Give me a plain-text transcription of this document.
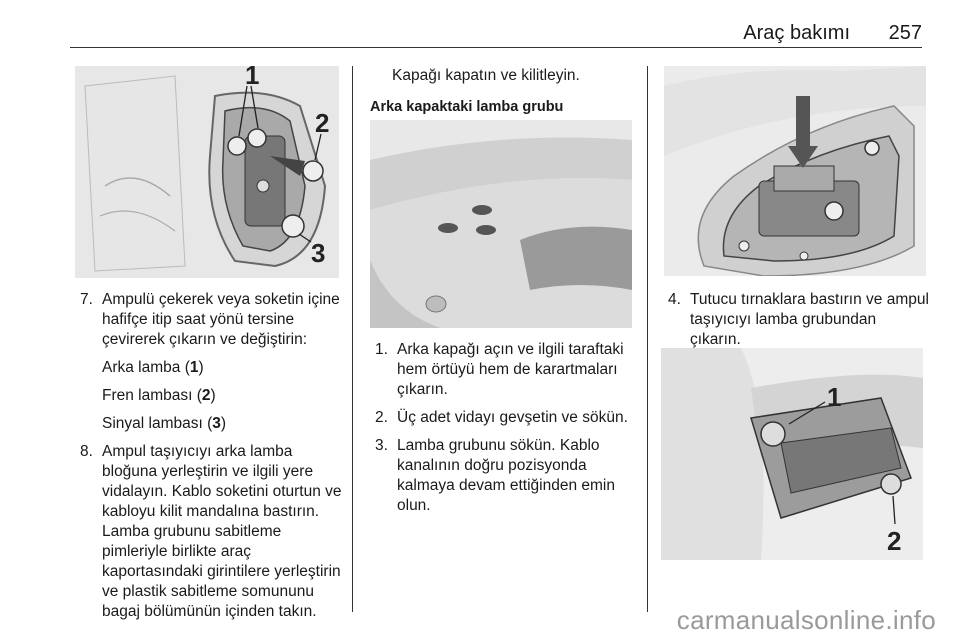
Araç bakımı 257
1
2
3
7. Ampulü çekerek veya soketin içine hafifçe itip saat yönü tersine çevirerek çıkarın ve değiştirin:

Arka lamba (1)

Fren lambası (2)

Sinyal lambası (3)

8. Ampul taşıyıcıyı arka lamba bloğuna yerleştirin ve ilgili yere vidalayın. Kablo soketini oturtun ve kabloyu kilit mandalına bastırın. Lamba grubunu sabitleme pimleriyle birlikte araç kaportasındaki girintilere yerleştirin ve plastik sabitleme somununu bagaj bölümünün içinden takın.

Kapağı kapatın ve kilitleyin.
Arka kapaktaki lamba grubu
1. Arka kapağı açın ve ilgili taraftaki hem örtüyü hem de karartmaları çıkarın.

2. Üç adet vidayı gevşetin ve sökün.

3. Lamba grubunu sökün. Kablo kanalının doğru pozisyonda kalmaya devam ettiğinden emin olun.

4. Tutucu tırnaklara bastırın ve ampul taşıyıcıyı lamba grubundan çıkarın.

1
2
carmanualsonline.info
